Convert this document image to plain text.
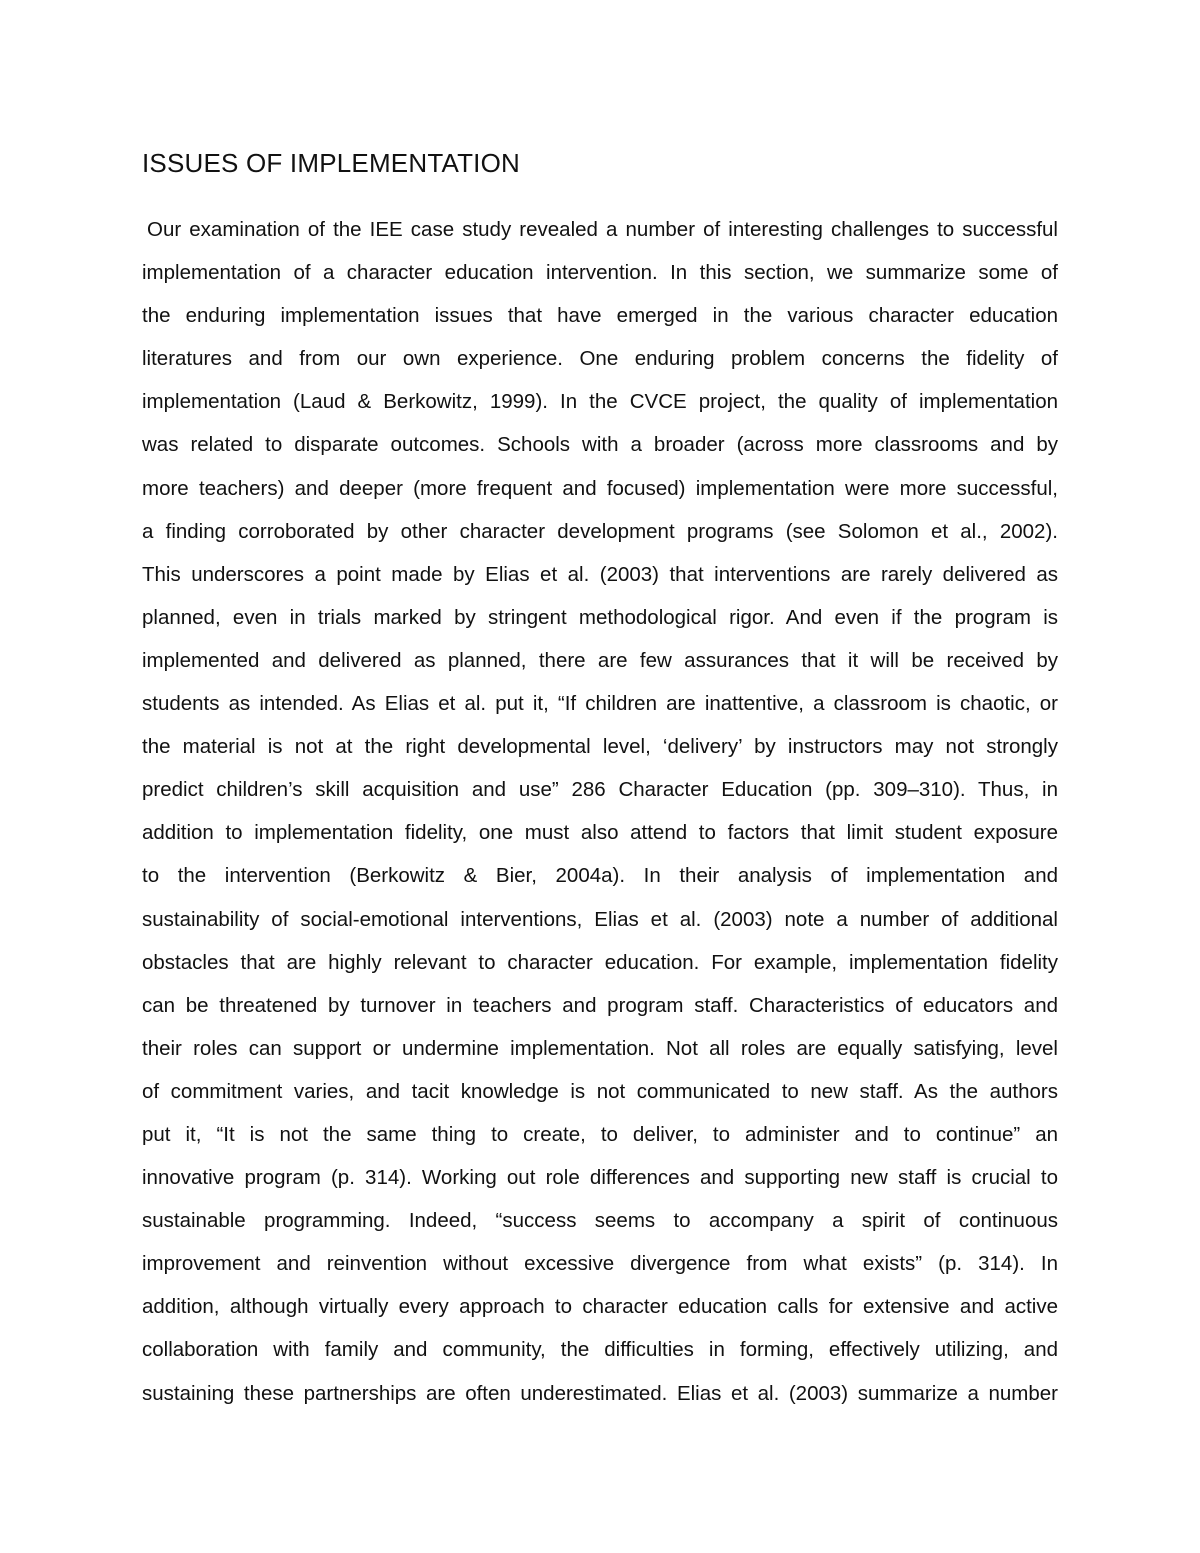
ISSUES OF IMPLEMENTATION
Our examination of the IEE case study revealed a number of interesting challenges to successful
implementation of a character education intervention. In this section, we summarize some of
the enduring implementation issues that have emerged in the various character education
literatures and from our own experience. One enduring problem concerns the fidelity of
implementation (Laud & Berkowitz, 1999). In the CVCE project, the quality of implementation
was related to disparate outcomes. Schools with a broader (across more classrooms and by
more teachers) and deeper (more frequent and focused) implementation were more successful,
a finding corroborated by other character development programs (see Solomon et al., 2002).
This underscores a point made by Elias et al. (2003) that interventions are rarely delivered as
planned, even in trials marked by stringent methodological rigor. And even if the program is
implemented and delivered as planned, there are few assurances that it will be received by
students as intended. As Elias et al. put it, “If children are inattentive, a classroom is chaotic, or
the material is not at the right developmental level, ‘delivery’ by instructors may not strongly
predict children’s skill acquisition and use” 286 Character Education (pp. 309–310). Thus, in
addition to implementation fidelity, one must also attend to factors that limit student exposure
to the intervention (Berkowitz & Bier, 2004a). In their analysis of implementation and
sustainability of social-emotional interventions, Elias et al. (2003) note a number of additional
obstacles that are highly relevant to character education. For example, implementation fidelity
can be threatened by turnover in teachers and program staff. Characteristics of educators and
their roles can support or undermine implementation. Not all roles are equally satisfying, level
of commitment varies, and tacit knowledge is not communicated to new staff. As the authors
put it, “It is not the same thing to create, to deliver, to administer and to continue” an
innovative program (p. 314). Working out role differences and supporting new staff is crucial to
sustainable programming. Indeed, “success seems to accompany a spirit of continuous
improvement and reinvention without excessive divergence from what exists” (p. 314). In
addition, although virtually every approach to character education calls for extensive and active
collaboration with family and community, the difficulties in forming, effectively utilizing, and
sustaining these partnerships are often underestimated. Elias et al. (2003) summarize a number
